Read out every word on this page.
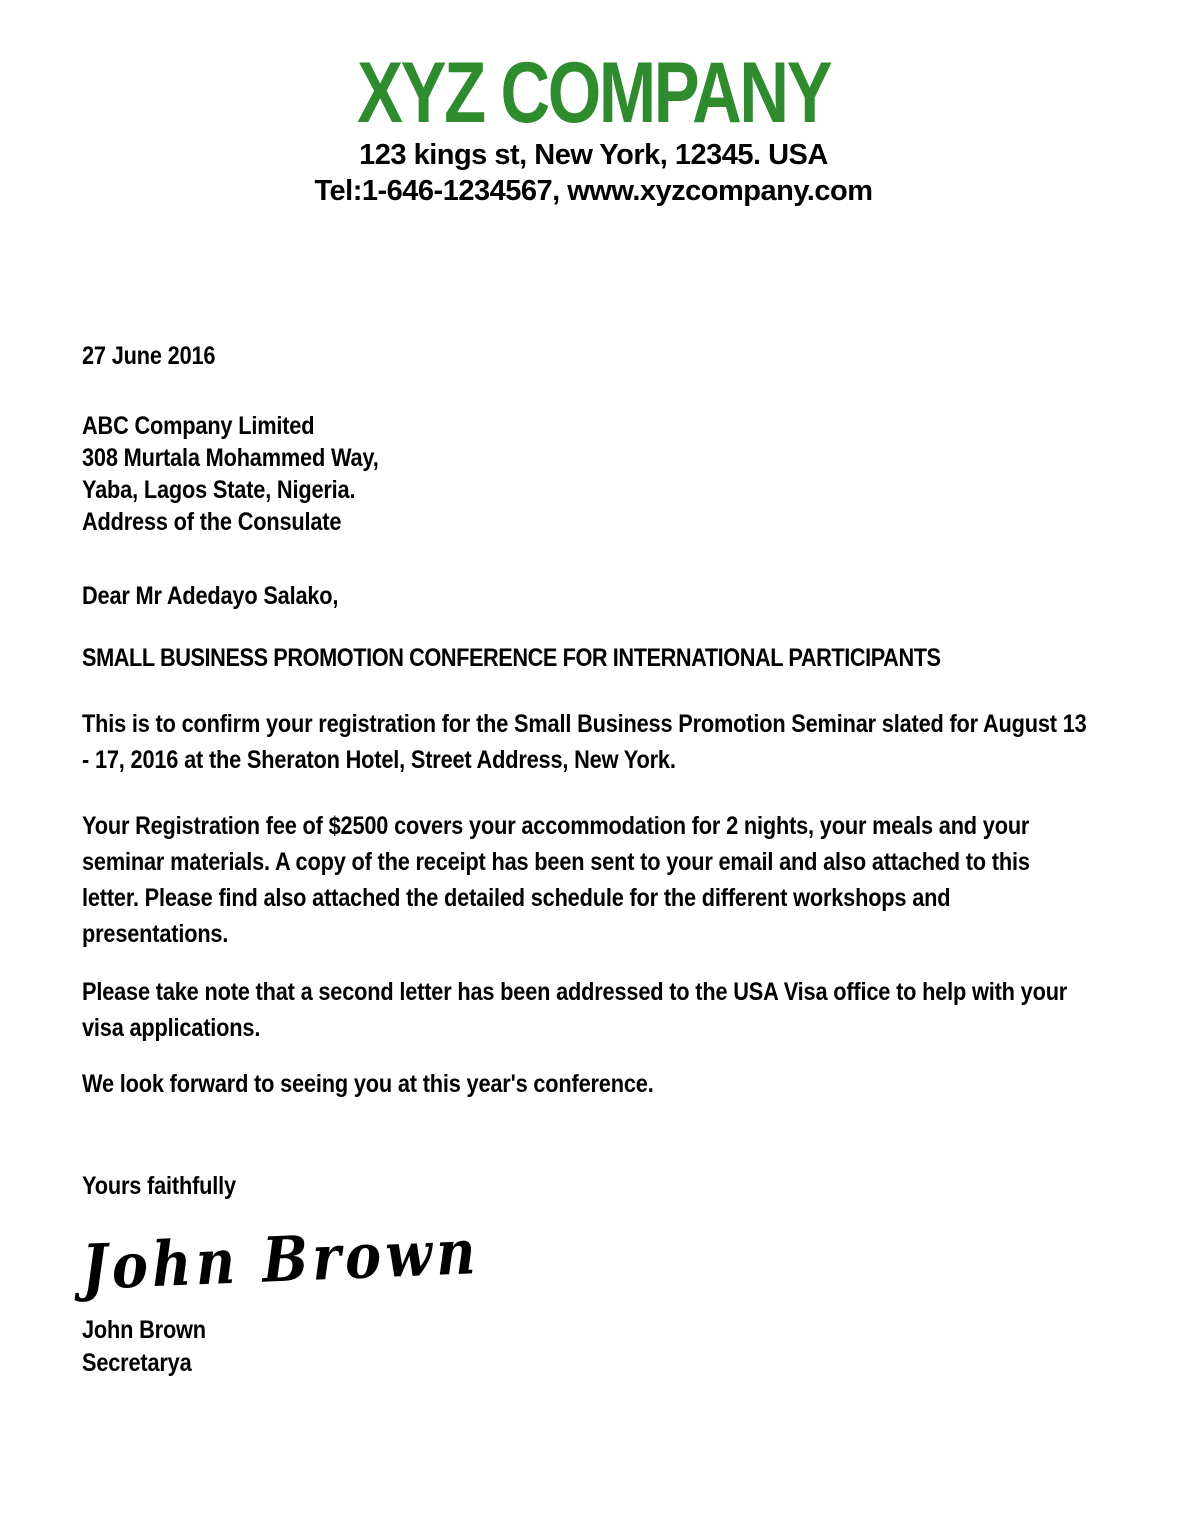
XYZ COMPANY
123 kings st, New York, 12345. USA
Tel:1-646-1234567, www.xyzcompany.com
27 June 2016
ABC Company Limited
308 Murtala Mohammed Way,
Yaba, Lagos State, Nigeria.
Address of the Consulate
Dear Mr Adedayo Salako,
SMALL BUSINESS PROMOTION CONFERENCE FOR INTERNATIONAL PARTICIPANTS

This is to confirm your registration for the Small Business Promotion Seminar slated for August 13 - 17, 2016 at the Sheraton Hotel, Street Address, New York.

Your Registration fee of $2500 covers your accommodation for 2 nights, your meals and your seminar materials. A copy of the receipt has been sent to your email and also attached to this letter. Please find also attached the detailed schedule for the different workshops and presentations.

Please take note that a second letter has been addressed to the USA Visa office to help with your visa applications.

We look forward to seeing you at this year's conference.

Yours faithfully
John Brown
John Brown
Secretarya
